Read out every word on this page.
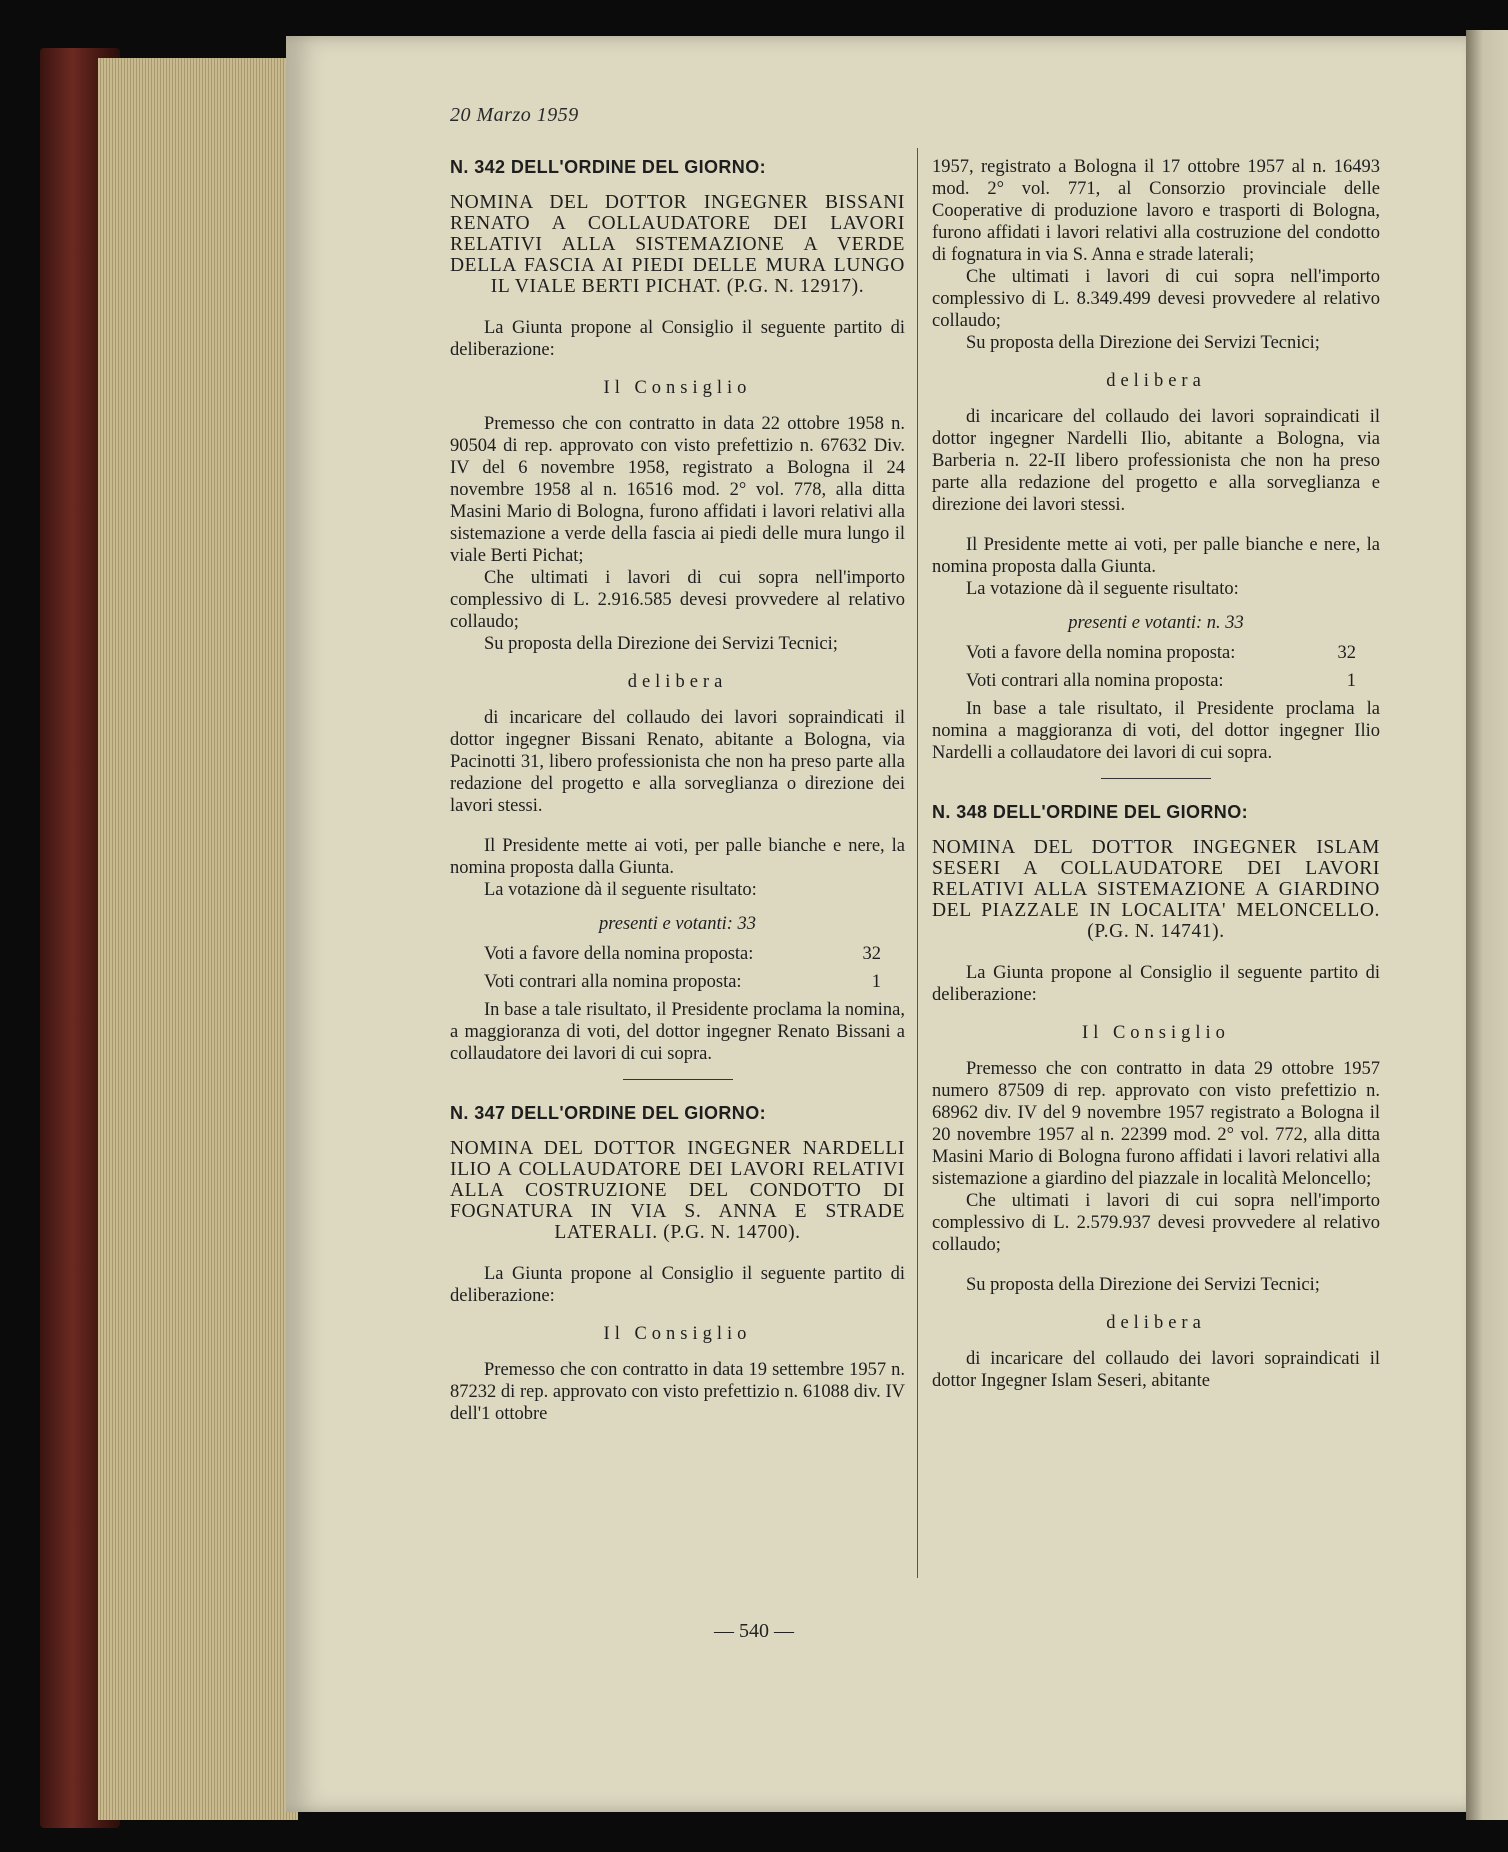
20 Marzo 1959

N. 342 DELL'ORDINE DEL GIORNO:

NOMINA DEL DOTTOR INGEGNER BISSANI RENATO A COLLAUDATORE DEI LAVORI RELATIVI ALLA SISTEMAZIONE A VERDE DELLA FASCIA AI PIEDI DELLE MURA LUNGO IL VIALE BERTI PICHAT. (P.G. N. 12917).

La Giunta propone al Consiglio il seguente partito di deliberazione:

Il Consiglio

Premesso che con contratto in data 22 ottobre 1958 n. 90504 di rep. approvato con visto prefettizio n. 67632 Div. IV del 6 novembre 1958, registrato a Bologna il 24 novembre 1958 al n. 16516 mod. 2° vol. 778, alla ditta Masini Mario di Bologna, furono affidati i lavori relativi alla sistemazione a verde della fascia ai piedi delle mura lungo il viale Berti Pichat;

Che ultimati i lavori di cui sopra nell'importo complessivo di L. 2.916.585 devesi provvedere al relativo collaudo;

Su proposta della Direzione dei Servizi Tecnici;

delibera

di incaricare del collaudo dei lavori sopraindicati il dottor ingegner Bissani Renato, abitante a Bologna, via Pacinotti 31, libero professionista che non ha preso parte alla redazione del progetto e alla sorveglianza o direzione dei lavori stessi.

Il Presidente mette ai voti, per palle bianche e nere, la nomina proposta dalla Giunta.

La votazione dà il seguente risultato:

presenti e votanti: 33

Voti a favore della nomina proposta:	32
Voti contrari alla nomina proposta:	1

In base a tale risultato, il Presidente proclama la nomina, a maggioranza di voti, del dottor ingegner Renato Bissani a collaudatore dei lavori di cui sopra.

N. 347 DELL'ORDINE DEL GIORNO:

NOMINA DEL DOTTOR INGEGNER NARDELLI ILIO A COLLAUDATORE DEI LAVORI RELATIVI ALLA COSTRUZIONE DEL CONDOTTO DI FOGNATURA IN VIA S. ANNA E STRADE LATERALI. (P.G. N. 14700).

La Giunta propone al Consiglio il seguente partito di deliberazione:

Il Consiglio

Premesso che con contratto in data 19 settembre 1957 n. 87232 di rep. approvato con visto prefettizio n. 61088 div. IV dell'1 ottobre

1957, registrato a Bologna il 17 ottobre 1957 al n. 16493 mod. 2° vol. 771, al Consorzio provinciale delle Cooperative di produzione lavoro e trasporti di Bologna, furono affidati i lavori relativi alla costruzione del condotto di fognatura in via S. Anna e strade laterali;

Che ultimati i lavori di cui sopra nell'importo complessivo di L. 8.349.499 devesi provvedere al relativo collaudo;

Su proposta della Direzione dei Servizi Tecnici;

delibera

di incaricare del collaudo dei lavori sopraindicati il dottor ingegner Nardelli Ilio, abitante a Bologna, via Barberia n. 22-II libero professionista che non ha preso parte alla redazione del progetto e alla sorveglianza e direzione dei lavori stessi.

Il Presidente mette ai voti, per palle bianche e nere, la nomina proposta dalla Giunta.

La votazione dà il seguente risultato:

presenti e votanti: n. 33

Voti a favore della nomina proposta:	32
Voti contrari alla nomina proposta:	1

In base a tale risultato, il Presidente proclama la nomina a maggioranza di voti, del dottor ingegner Ilio Nardelli a collaudatore dei lavori di cui sopra.

N. 348 DELL'ORDINE DEL GIORNO:

NOMINA DEL DOTTOR INGEGNER ISLAM SESERI A COLLAUDATORE DEI LAVORI RELATIVI ALLA SISTEMAZIONE A GIARDINO DEL PIAZZALE IN LOCALITA' MELONCELLO. (P.G. N. 14741).

La Giunta propone al Consiglio il seguente partito di deliberazione:

Il Consiglio

Premesso che con contratto in data 29 ottobre 1957 numero 87509 di rep. approvato con visto prefettizio n. 68962 div. IV del 9 novembre 1957 registrato a Bologna il 20 novembre 1957 al n. 22399 mod. 2° vol. 772, alla ditta Masini Mario di Bologna furono affidati i lavori relativi alla sistemazione a giardino del piazzale in località Meloncello;

Che ultimati i lavori di cui sopra nell'importo complessivo di L. 2.579.937 devesi provvedere al relativo collaudo;

Su proposta della Direzione dei Servizi Tecnici;

delibera

di incaricare del collaudo dei lavori sopraindicati il dottor Ingegner Islam Seseri, abitante

— 540 —
